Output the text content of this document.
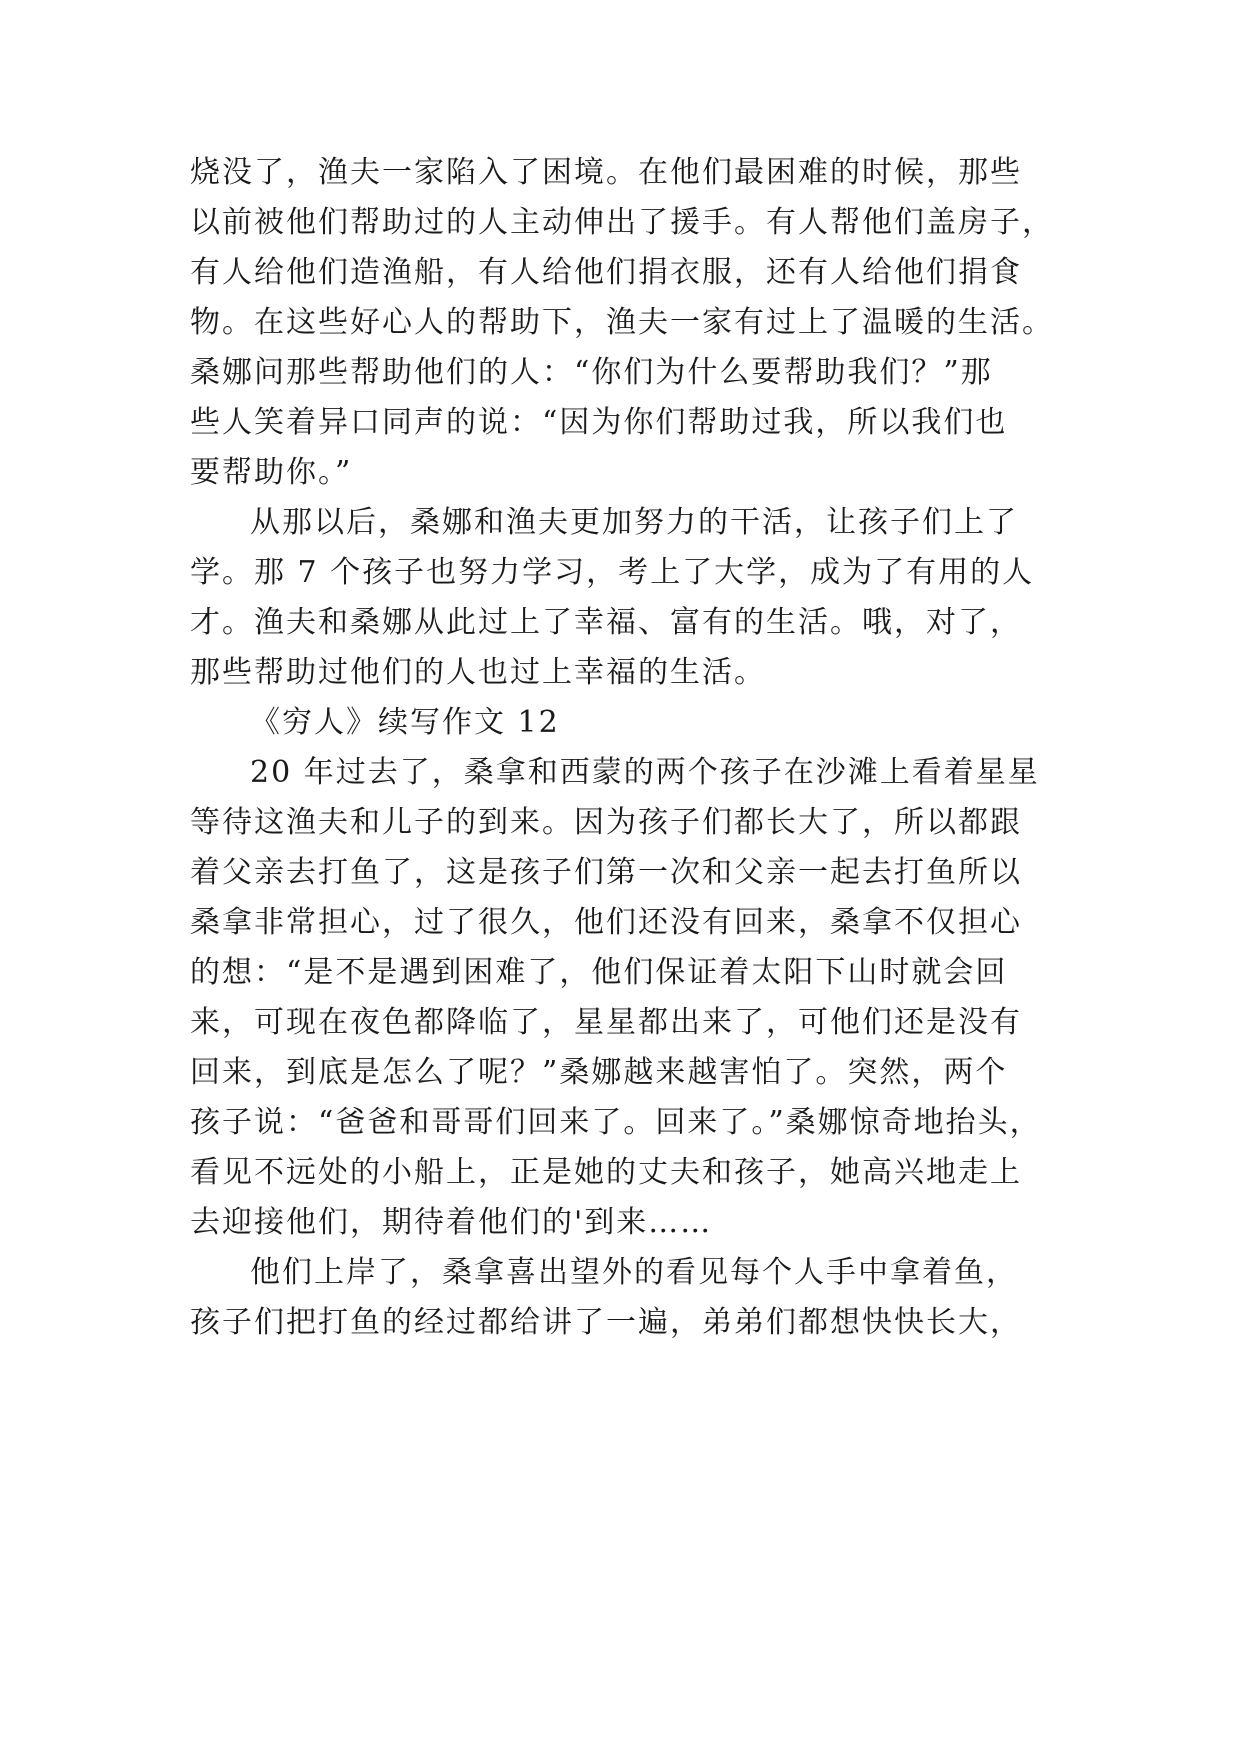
烧没了，渔夫一家陷入了困境。在他们最困难的时候，那些
以前被他们帮助过的人主动伸出了援手。有人帮他们盖房子，
有人给他们造渔船，有人给他们捐衣服，还有人给他们捐食
物。在这些好心人的帮助下，渔夫一家有过上了温暖的生活。
桑娜问那些帮助他们的人：“你们为什么要帮助我们？”那
些人笑着异口同声的说：“因为你们帮助过我，所以我们也
要帮助你。”
从那以后，桑娜和渔夫更加努力的干活，让孩子们上了
学。那 7 个孩子也努力学习，考上了大学，成为了有用的人
才。渔夫和桑娜从此过上了幸福、富有的生活。哦，对了，
那些帮助过他们的人也过上幸福的生活。
《穷人》续写作文 12
20 年过去了，桑拿和西蒙的两个孩子在沙滩上看着星星
等待这渔夫和儿子的到来。因为孩子们都长大了，所以都跟
着父亲去打鱼了，这是孩子们第一次和父亲一起去打鱼所以
桑拿非常担心，过了很久，他们还没有回来，桑拿不仅担心
的想：“是不是遇到困难了，他们保证着太阳下山时就会回
来，可现在夜色都降临了，星星都出来了，可他们还是没有
回来，到底是怎么了呢？”桑娜越来越害怕了。突然，两个
孩子说：“爸爸和哥哥们回来了。回来了。”桑娜惊奇地抬头，
看见不远处的小船上，正是她的丈夫和孩子，她高兴地走上
去迎接他们，期待着他们的'到来……
他们上岸了，桑拿喜出望外的看见每个人手中拿着鱼，
孩子们把打鱼的经过都给讲了一遍，弟弟们都想快快长大，
